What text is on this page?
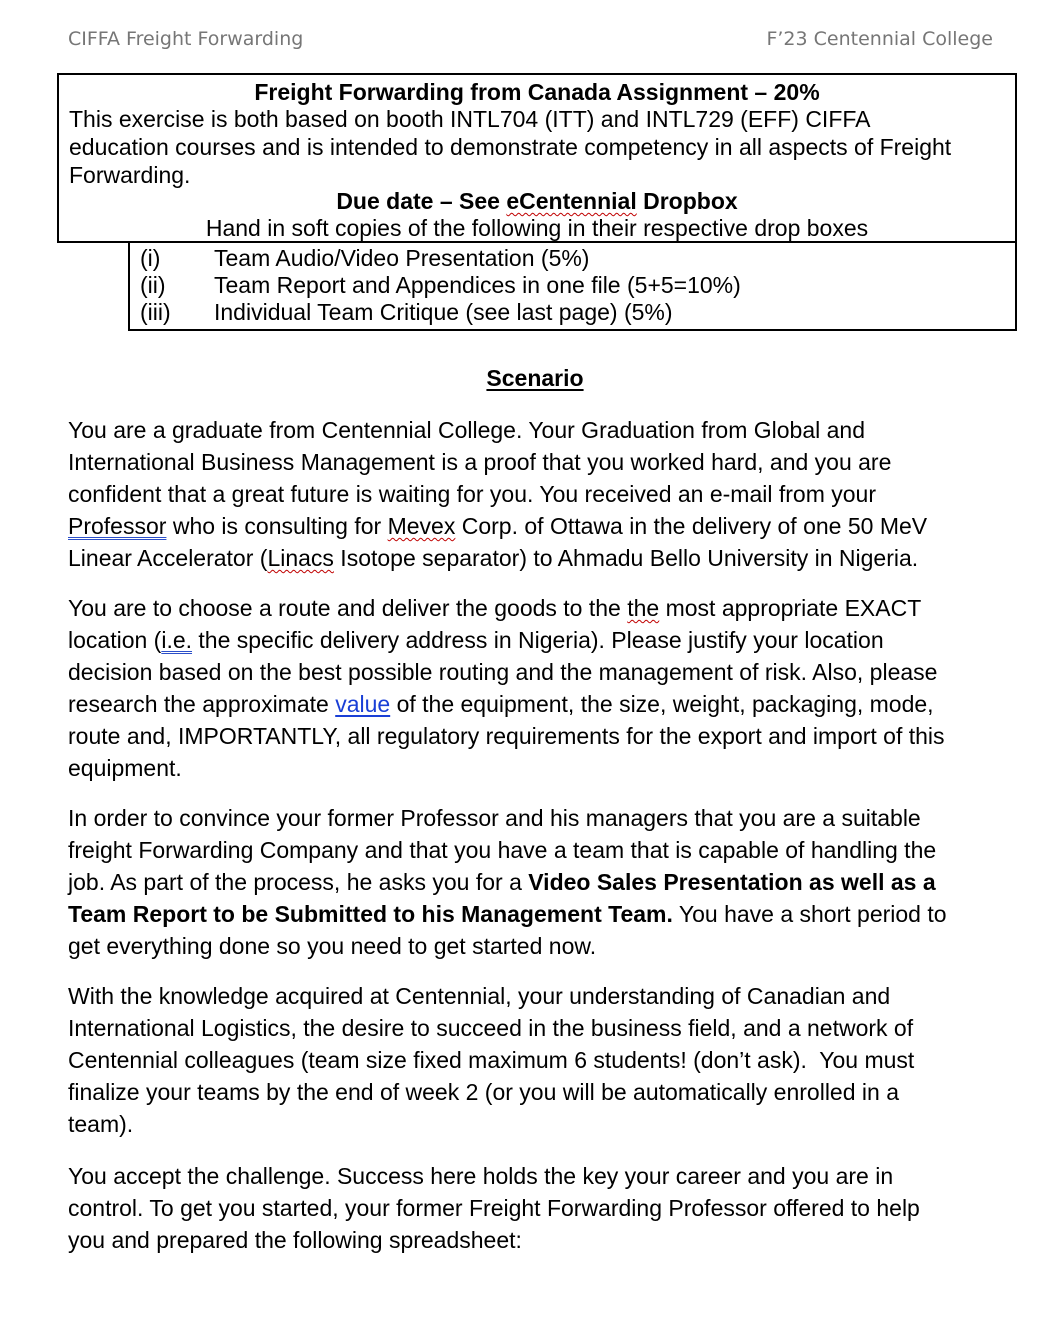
CIFFA Freight Forwarding	F’23 Centennial College
Freight Forwarding from Canada Assignment – 20%
This exercise is both based on booth INTL704 (ITT) and INTL729 (EFF) CIFFA
education courses and is intended to demonstrate competency in all aspects of Freight
Forwarding.
Due date – See eCentennial Dropbox
Hand in soft copies of the following in their respective drop boxes
(i) Team Audio/Video Presentation (5%)
(ii) Team Report and Appendices in one file (5+5=10%)
(iii) Individual Team Critique (see last page) (5%)
Scenario
You are a graduate from Centennial College. Your Graduation from Global and
International Business Management is a proof that you worked hard, and you are
confident that a great future is waiting for you. You received an e-mail from your
Professor who is consulting for Mevex Corp. of Ottawa in the delivery of one 50 MeV
Linear Accelerator (Linacs Isotope separator) to Ahmadu Bello University in Nigeria.
You are to choose a route and deliver the goods to the the most appropriate EXACT
location (i.e. the specific delivery address in Nigeria). Please justify your location
decision based on the best possible routing and the management of risk. Also, please
research the approximate value of the equipment, the size, weight, packaging, mode,
route and, IMPORTANTLY, all regulatory requirements for the export and import of this
equipment.
In order to convince your former Professor and his managers that you are a suitable
freight Forwarding Company and that you have a team that is capable of handling the
job. As part of the process, he asks you for a Video Sales Presentation as well as a
Team Report to be Submitted to his Management Team. You have a short period to
get everything done so you need to get started now.
With the knowledge acquired at Centennial, your understanding of Canadian and
International Logistics, the desire to succeed in the business field, and a network of
Centennial colleagues (team size fixed maximum 6 students! (don’t ask).  You must
finalize your teams by the end of week 2 (or you will be automatically enrolled in a
team).
You accept the challenge. Success here holds the key your career and you are in
control. To get you started, your former Freight Forwarding Professor offered to help
you and prepared the following spreadsheet:
